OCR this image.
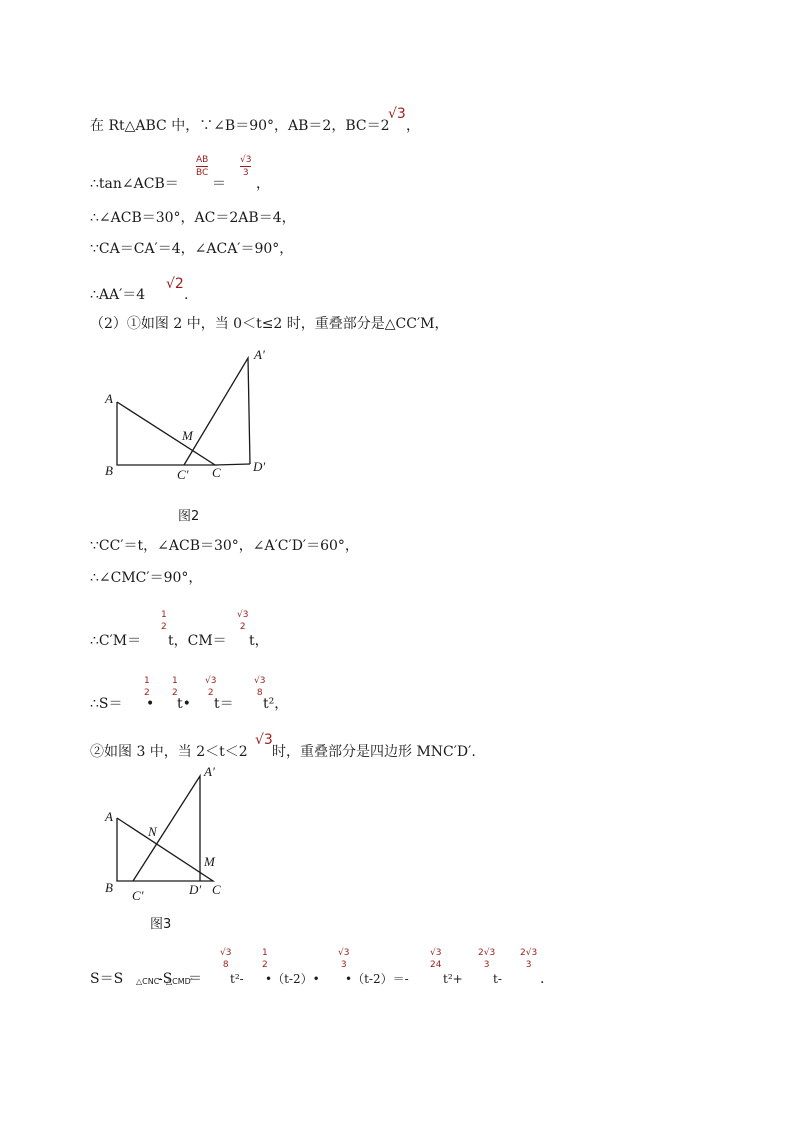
在 Rt△ABC 中，∵∠B＝90°，AB＝2，BC＝2
√3
，
∴tan∠ACB＝
AB
BC
＝
√3
3
，
∴∠ACB＝30°，AC＝2AB＝4，
∵CA＝CA′＝4，∠ACA′＝90°，
∴AA′＝4
√2
.
（2）①如图 2 中，当 0＜t≤2 时，重叠部分是△CC′M，
A
B
M
C′ C D′
A′
图2
∵CC′＝t，∠ACB＝30°，∠A′C′D′＝60°，
∴∠CMC′＝90°，
∴C′M＝
1
2
t，CM＝
√3
2
t，
∴S＝
1
2
•
1
2
t•
√3
2
t＝
√3
8
t²，
②如图 3 中，当 2＜t＜2
√3
时，重叠部分是四边形 MNC′D′.
A
N
M
B
C′	D′ C
A′
图3
S＝S △CNC′
-S
△CMD′
＝
√3
8
t²-
1
2
•（t-2）•
√3
3
•（t-2）＝-
√3
24
t²+
2√3
3
t-
2√3
3
.
